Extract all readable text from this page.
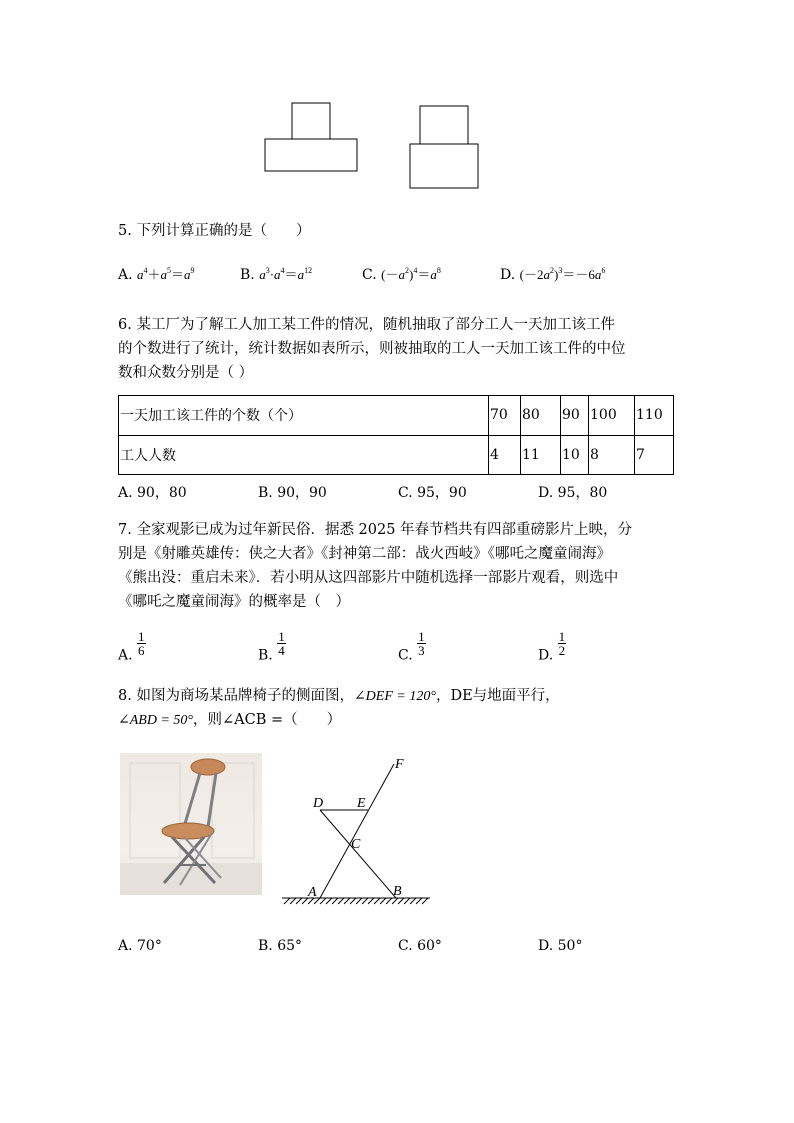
5. 下列计算正确的是（　　）
A. $a^4+a^5=a^9$	B. $a^3\cdot a^4=a^{12}$	C. $(-a^2)^4=a^8$	D. $(-2a^2)^3=-6a^6$
6. 某工厂为了解工人加工某工件的情况，随机抽取了部分工人一天加工该工件
的个数进行了统计，统计数据如表所示，则被抽取的工人一天加工该工件的中位
数和众数分别是（ ）
一天加工该工件的个数（个）	70	80	90	100	110
工人人数	4	11	10	8	7
A. 90，80	B. 90，90	C. 95，90	D. 95，80
7. 全家观影已成为过年新民俗．据悉 2025 年春节档共有四部重磅影片上映，分
别是《射雕英雄传：侠之大者》《封神第二部：战火西岐》《哪吒之魔童闹海》
《熊出没：重启未来》．若小明从这四部影片中随机选择一部影片观看，则选中
《哪吒之魔童闹海》的概率是（　）
A. $\frac{1}{6}$	B. $\frac{1}{4}$	C. $\frac{1}{3}$	D. $\frac{1}{2}$
8. 如图为商场某品牌椅子的侧面图，∠DEF = 120°，DE与地面平行，
∠ABD = 50°，则∠ACB =（　　）
F
D E
C
A	B
A. 70°	B. 65°	C. 60°	D. 50°
